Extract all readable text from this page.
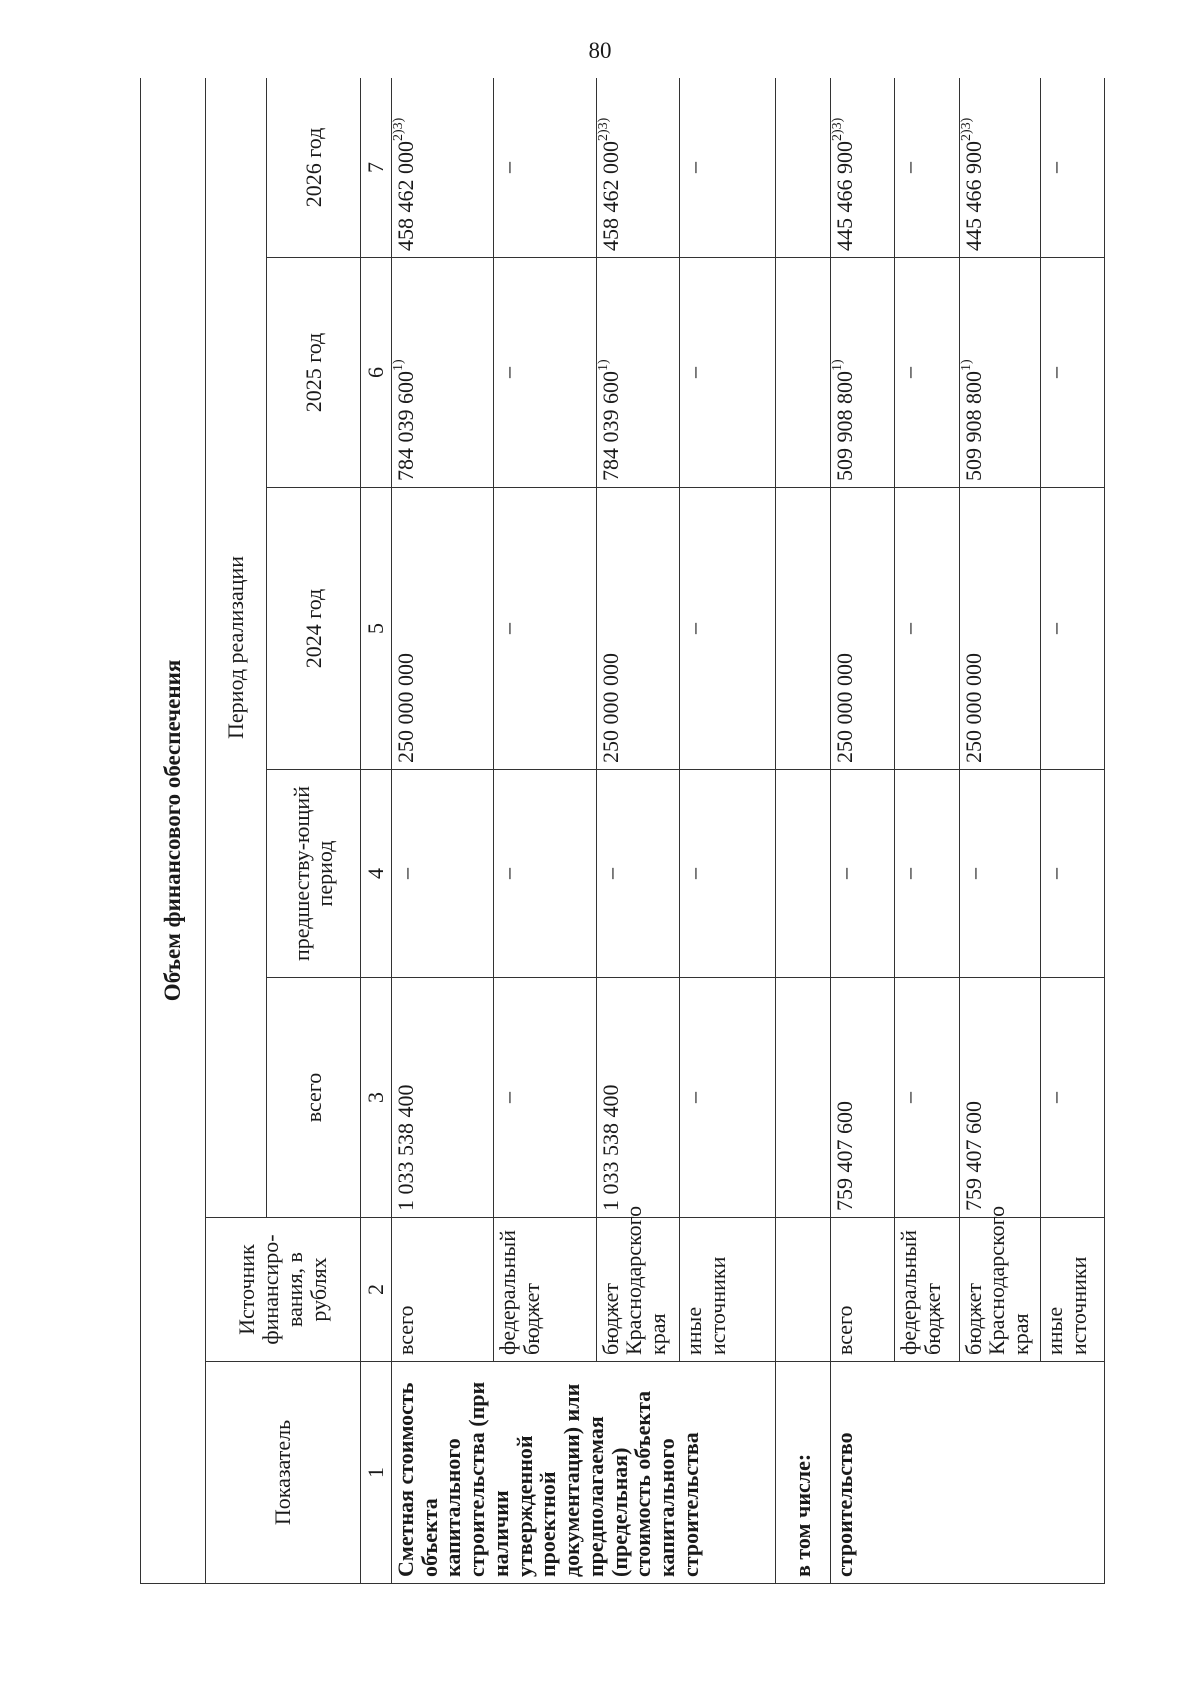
80
Объем финансового обеспечения						
Показатель	Источник финансиро-вания, в рублях	Период реализации				
		всего	предшеству-ющий период	2024 год	2025 год	2026 год
1	2	3	4	5	6	7
Сметная стоимость объекта капитального строительства (при наличии утвержденной проектной документации) или предполагаемая (предельная) стоимость объекта капитального строительства	всего	1 033 538 400	–	250 000 000	784 039 600$^{1)}$	458 462 $000^{2)3)}$
	федеральный бюджет	–	–	–	–	–
	бюджет Краснодарского края	1 033 538 400	–	250 000 000	784 039 600$^{1)}$	458 462 $000^{2)3)}$
	иные источники	–	–	–	–	–
в том числе:						
строительство	всего	759 407 600	–	250 000 000	509 908 800$^{1)}$	445 466 $900^{2)3)}$
	федеральный бюджет	–	–	–	–	–
	бюджет Краснодарского края	759 407 600	–	250 000 000	509 908 800$^{1)}$	445 466 $900^{2)3)}$
	иные источники	–	–	–	–	–
